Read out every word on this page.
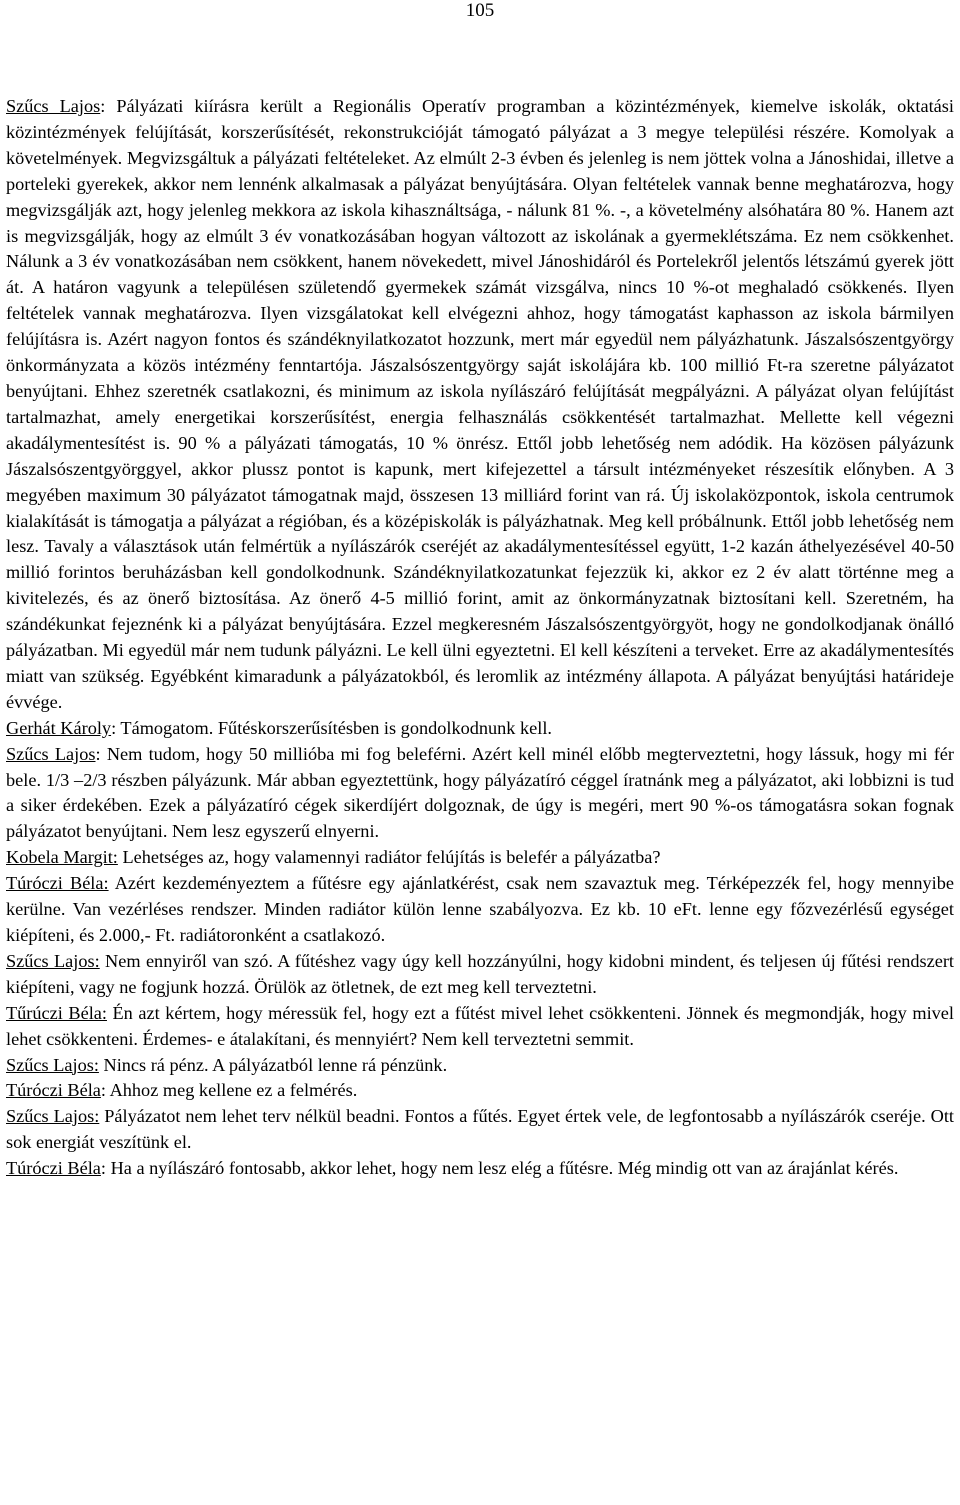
105

Szűcs Lajos: Pályázati kiírásra került a Regionális Operatív programban a közintézmények, kiemelve iskolák, oktatási közintézmények felújítását, korszerűsítését, rekonstrukcióját támogató pályázat a 3 megye települési részére. Komolyak a követelmények. Megvizsgáltuk a pályázati feltételeket. Az elmúlt 2-3 évben és jelenleg is nem jöttek volna a Jánoshidai, illetve a porteleki gyerekek, akkor nem lennénk alkalmasak a pályázat benyújtására. Olyan feltételek vannak benne meghatározva, hogy megvizsgálják azt, hogy jelenleg mekkora az iskola kihasználtsága, - nálunk 81 %. -, a követelmény alsóhatára 80 %. Hanem azt is megvizsgálják, hogy az elmúlt 3 év vonatkozásában hogyan változott az iskolának a gyermeklétszáma. Ez nem csökkenhet. Nálunk a 3 év vonatkozásában nem csökkent, hanem növekedett, mivel Jánoshidáról és Portelekről jelentős létszámú gyerek jött át. A határon vagyunk a településen születendő gyermekek számát vizsgálva, nincs 10 %-ot meghaladó csökkenés. Ilyen feltételek vannak meghatározva. Ilyen vizsgálatokat kell elvégezni ahhoz, hogy támogatást kaphasson az iskola bármilyen felújításra is. Azért nagyon fontos és szándéknyilatkozatot hozzunk, mert már egyedül nem pályázhatunk. Jászalsószentgyörgy önkormányzata a közös intézmény fenntartója. Jászalsószentgyörgy saját iskolájára kb. 100 millió Ft-ra szeretne pályázatot benyújtani. Ehhez szeretnék csatlakozni, és minimum az iskola nyílászáró felújítását megpályázni. A pályázat olyan felújítást tartalmazhat, amely energetikai korszerűsítést, energia felhasználás csökkentését tartalmazhat. Mellette kell végezni akadálymentesítést is. 90 % a pályázati támogatás, 10 % önrész. Ettől jobb lehetőség nem adódik. Ha közösen pályázunk Jászalsószentgyörggyel, akkor plussz pontot is kapunk, mert kifejezettel a társult intézményeket részesítik előnyben. A 3 megyében maximum 30 pályázatot támogatnak majd, összesen 13 milliárd forint van rá. Új iskolaközpontok, iskola centrumok kialakítását is támogatja a pályázat a régióban, és a középiskolák is pályázhatnak. Meg kell próbálnunk. Ettől jobb lehetőség nem lesz. Tavaly a választások után felmértük a nyílászárók cseréjét az akadálymentesítéssel együtt, 1-2 kazán áthelyezésével 40-50 millió forintos beruházásban kell gondolkodnunk. Szándéknyilatkozatunkat fejezzük ki, akkor ez 2 év alatt történne meg a kivitelezés, és az önerő biztosítása. Az önerő 4-5 millió forint, amit az önkormányzatnak biztosítani kell. Szeretném, ha szándékunkat fejeznénk ki a pályázat benyújtására. Ezzel megkeresném Jászalsószentgyörgyöt, hogy ne gondolkodjanak önálló pályázatban. Mi egyedül már nem tudunk pályázni. Le kell ülni egyeztetni. El kell készíteni a terveket. Erre az akadálymentesítés miatt van szükség. Egyébként kimaradunk a pályázatokból, és leromlik az intézmény állapota. A pályázat benyújtási határideje évvége.

Gerhát Károly: Támogatom. Fűtéskorszerűsítésben is gondolkodnunk kell.

Szűcs Lajos: Nem tudom, hogy 50 millióba mi fog beleférni. Azért kell minél előbb megterveztetni, hogy lássuk, hogy mi fér bele. 1/3 –2/3 részben pályázunk. Már abban egyeztettünk, hogy pályázatíró céggel íratnánk meg a pályázatot, aki lobbizni is tud a siker érdekében. Ezek a pályázatíró cégek sikerdíjért dolgoznak, de úgy is megéri, mert 90 %-os támogatásra sokan fognak pályázatot benyújtani. Nem lesz egyszerű elnyerni.

Kobela Margit: Lehetséges az, hogy valamennyi radiátor felújítás is belefér a pályázatba?

Túróczi Béla: Azért kezdeményeztem a fűtésre egy ajánlatkérést, csak nem szavaztuk meg. Térképezzék fel, hogy mennyibe kerülne. Van vezérléses rendszer. Minden radiátor külön lenne szabályozva. Ez kb. 10 eFt. lenne egy főzvezérlésű egységet kiépíteni, és 2.000,- Ft. radiátoronként a csatlakozó.

Szűcs Lajos: Nem ennyiről van szó. A fűtéshez vagy úgy kell hozzányúlni, hogy kidobni mindent, és teljesen új fűtési rendszert kiépíteni, vagy ne fogjunk hozzá. Örülök az ötletnek, de ezt meg kell terveztetni.

Tűrúczi Béla: Én azt kértem, hogy méressük fel, hogy ezt a fűtést mivel lehet csökkenteni. Jönnek és megmondják, hogy mivel lehet csökkenteni. Érdemes- e átalakítani, és mennyiért? Nem kell terveztetni semmit.

Szűcs Lajos: Nincs rá pénz. A pályázatból lenne rá pénzünk.

Túróczi Béla: Ahhoz meg kellene ez a felmérés.

Szűcs Lajos: Pályázatot nem lehet terv nélkül beadni. Fontos a fűtés. Egyet értek vele, de legfontosabb a nyílászárók cseréje. Ott sok energiát veszítünk el.

Túróczi Béla: Ha a nyílászáró fontosabb, akkor lehet, hogy nem lesz elég a fűtésre. Még mindig ott van az árajánlat kérés.
